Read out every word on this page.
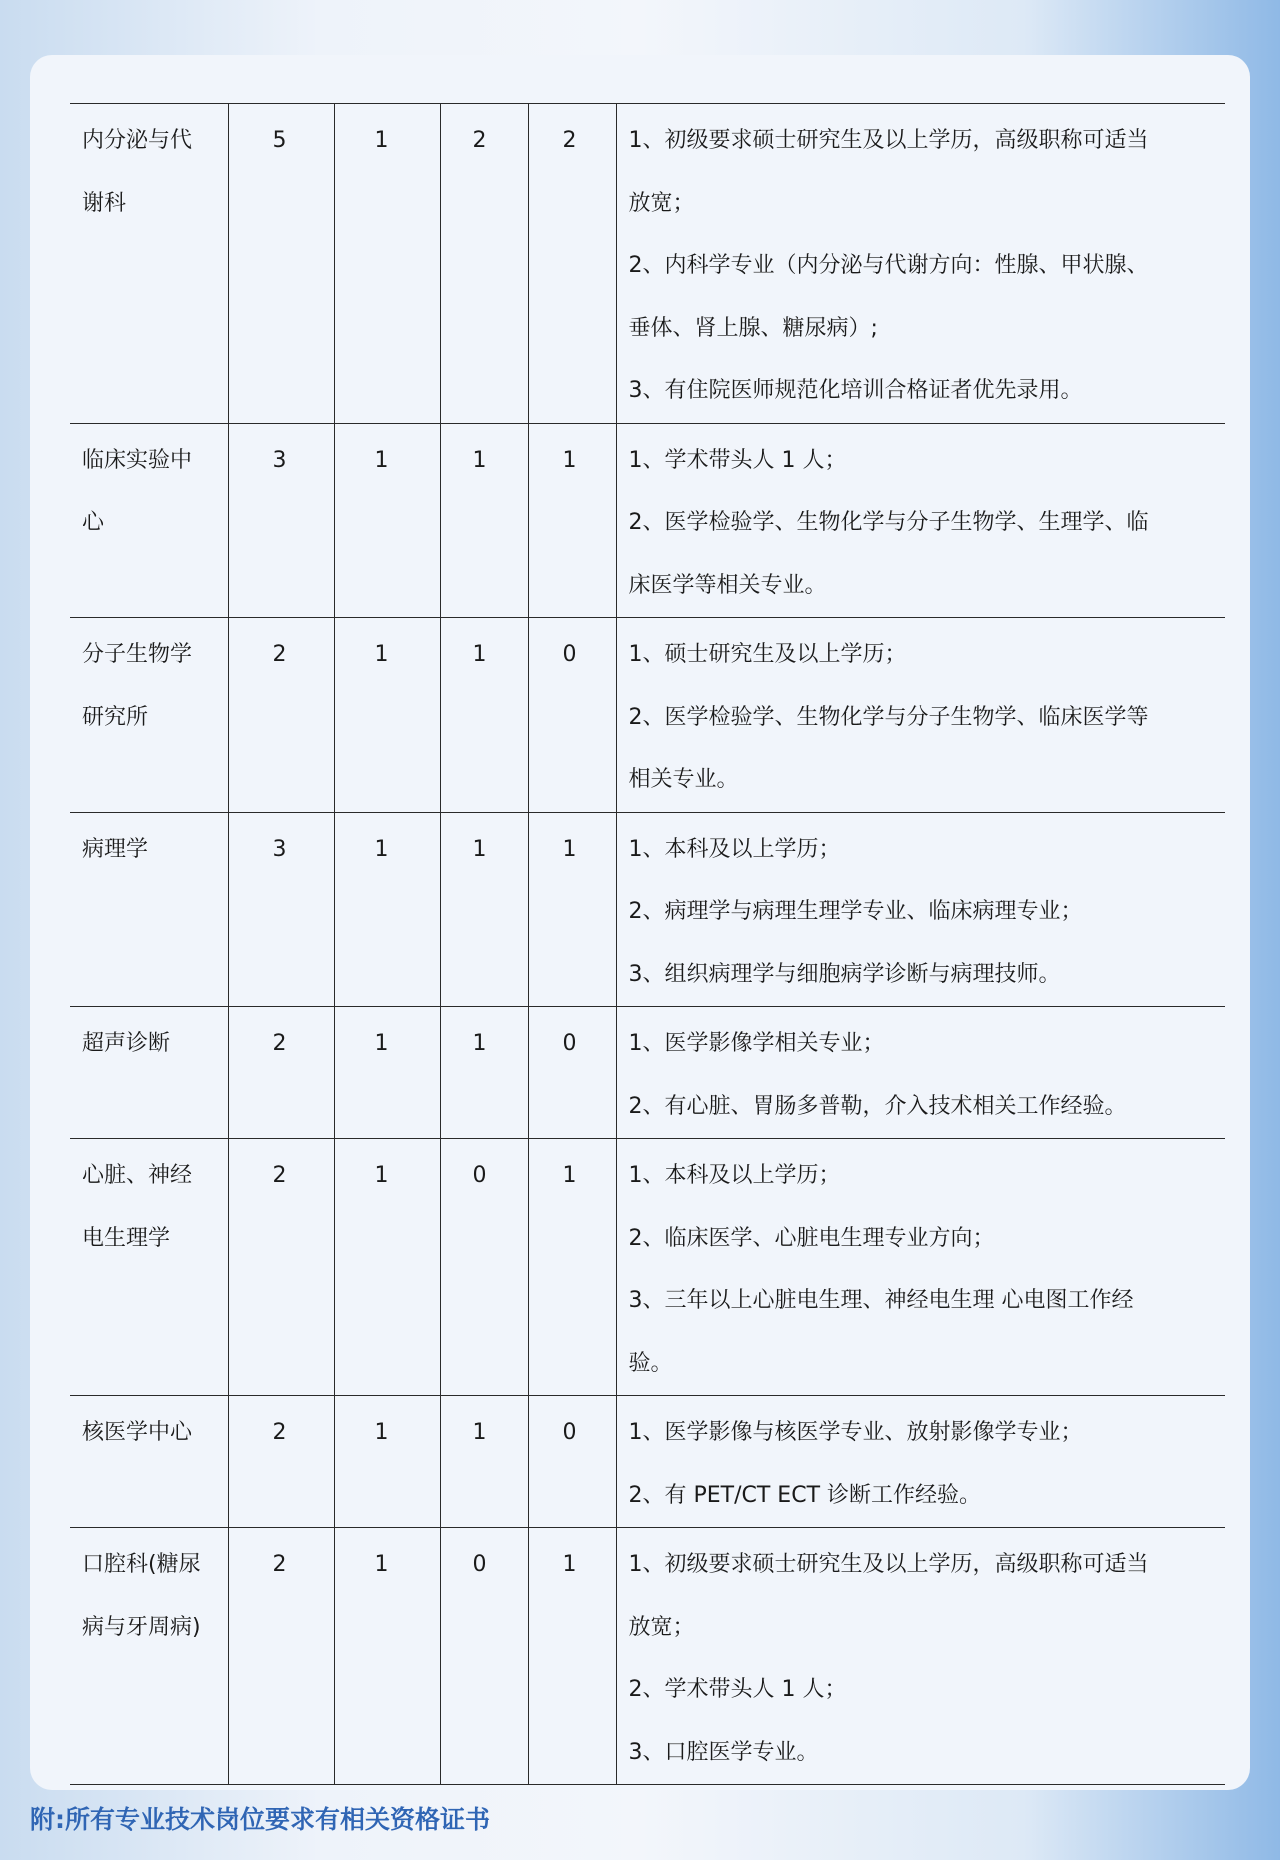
内分泌与代
谢科	5	1	2	2	1、初级要求硕士研究生及以上学历，高级职称可适当
放宽；
2、内科学专业（内分泌与代谢方向：性腺、甲状腺、
垂体、肾上腺、糖尿病）;
3、有住院医师规范化培训合格证者优先录用。

临床实验中
心	3	1	1	1	1、学术带头人 1 人；
2、医学检验学、生物化学与分子生物学、生理学、临
床医学等相关专业。

分子生物学
研究所	2	1	1	0	1、硕士研究生及以上学历；
2、医学检验学、生物化学与分子生物学、临床医学等
相关专业。

病理学	3	1	1	1	1、本科及以上学历；
2、病理学与病理生理学专业、临床病理专业；
3、组织病理学与细胞病学诊断与病理技师。

超声诊断	2	1	1	0	1、医学影像学相关专业；
2、有心脏、胃肠多普勒，介入技术相关工作经验。

心脏、神经
电生理学	2	1	0	1	1、本科及以上学历；
2、临床医学、心脏电生理专业方向；
3、三年以上心脏电生理、神经电生理 心电图工作经
验。

核医学中心	2	1	1	0	1、医学影像与核医学专业、放射影像学专业；
2、有 PET/CT ECT 诊断工作经验。

口腔科(糖尿
病与牙周病)	2	1	0	1	1、初级要求硕士研究生及以上学历，高级职称可适当
放宽；
2、学术带头人 1 人；
3、口腔医学专业。
附:所有专业技术岗位要求有相关资格证书
